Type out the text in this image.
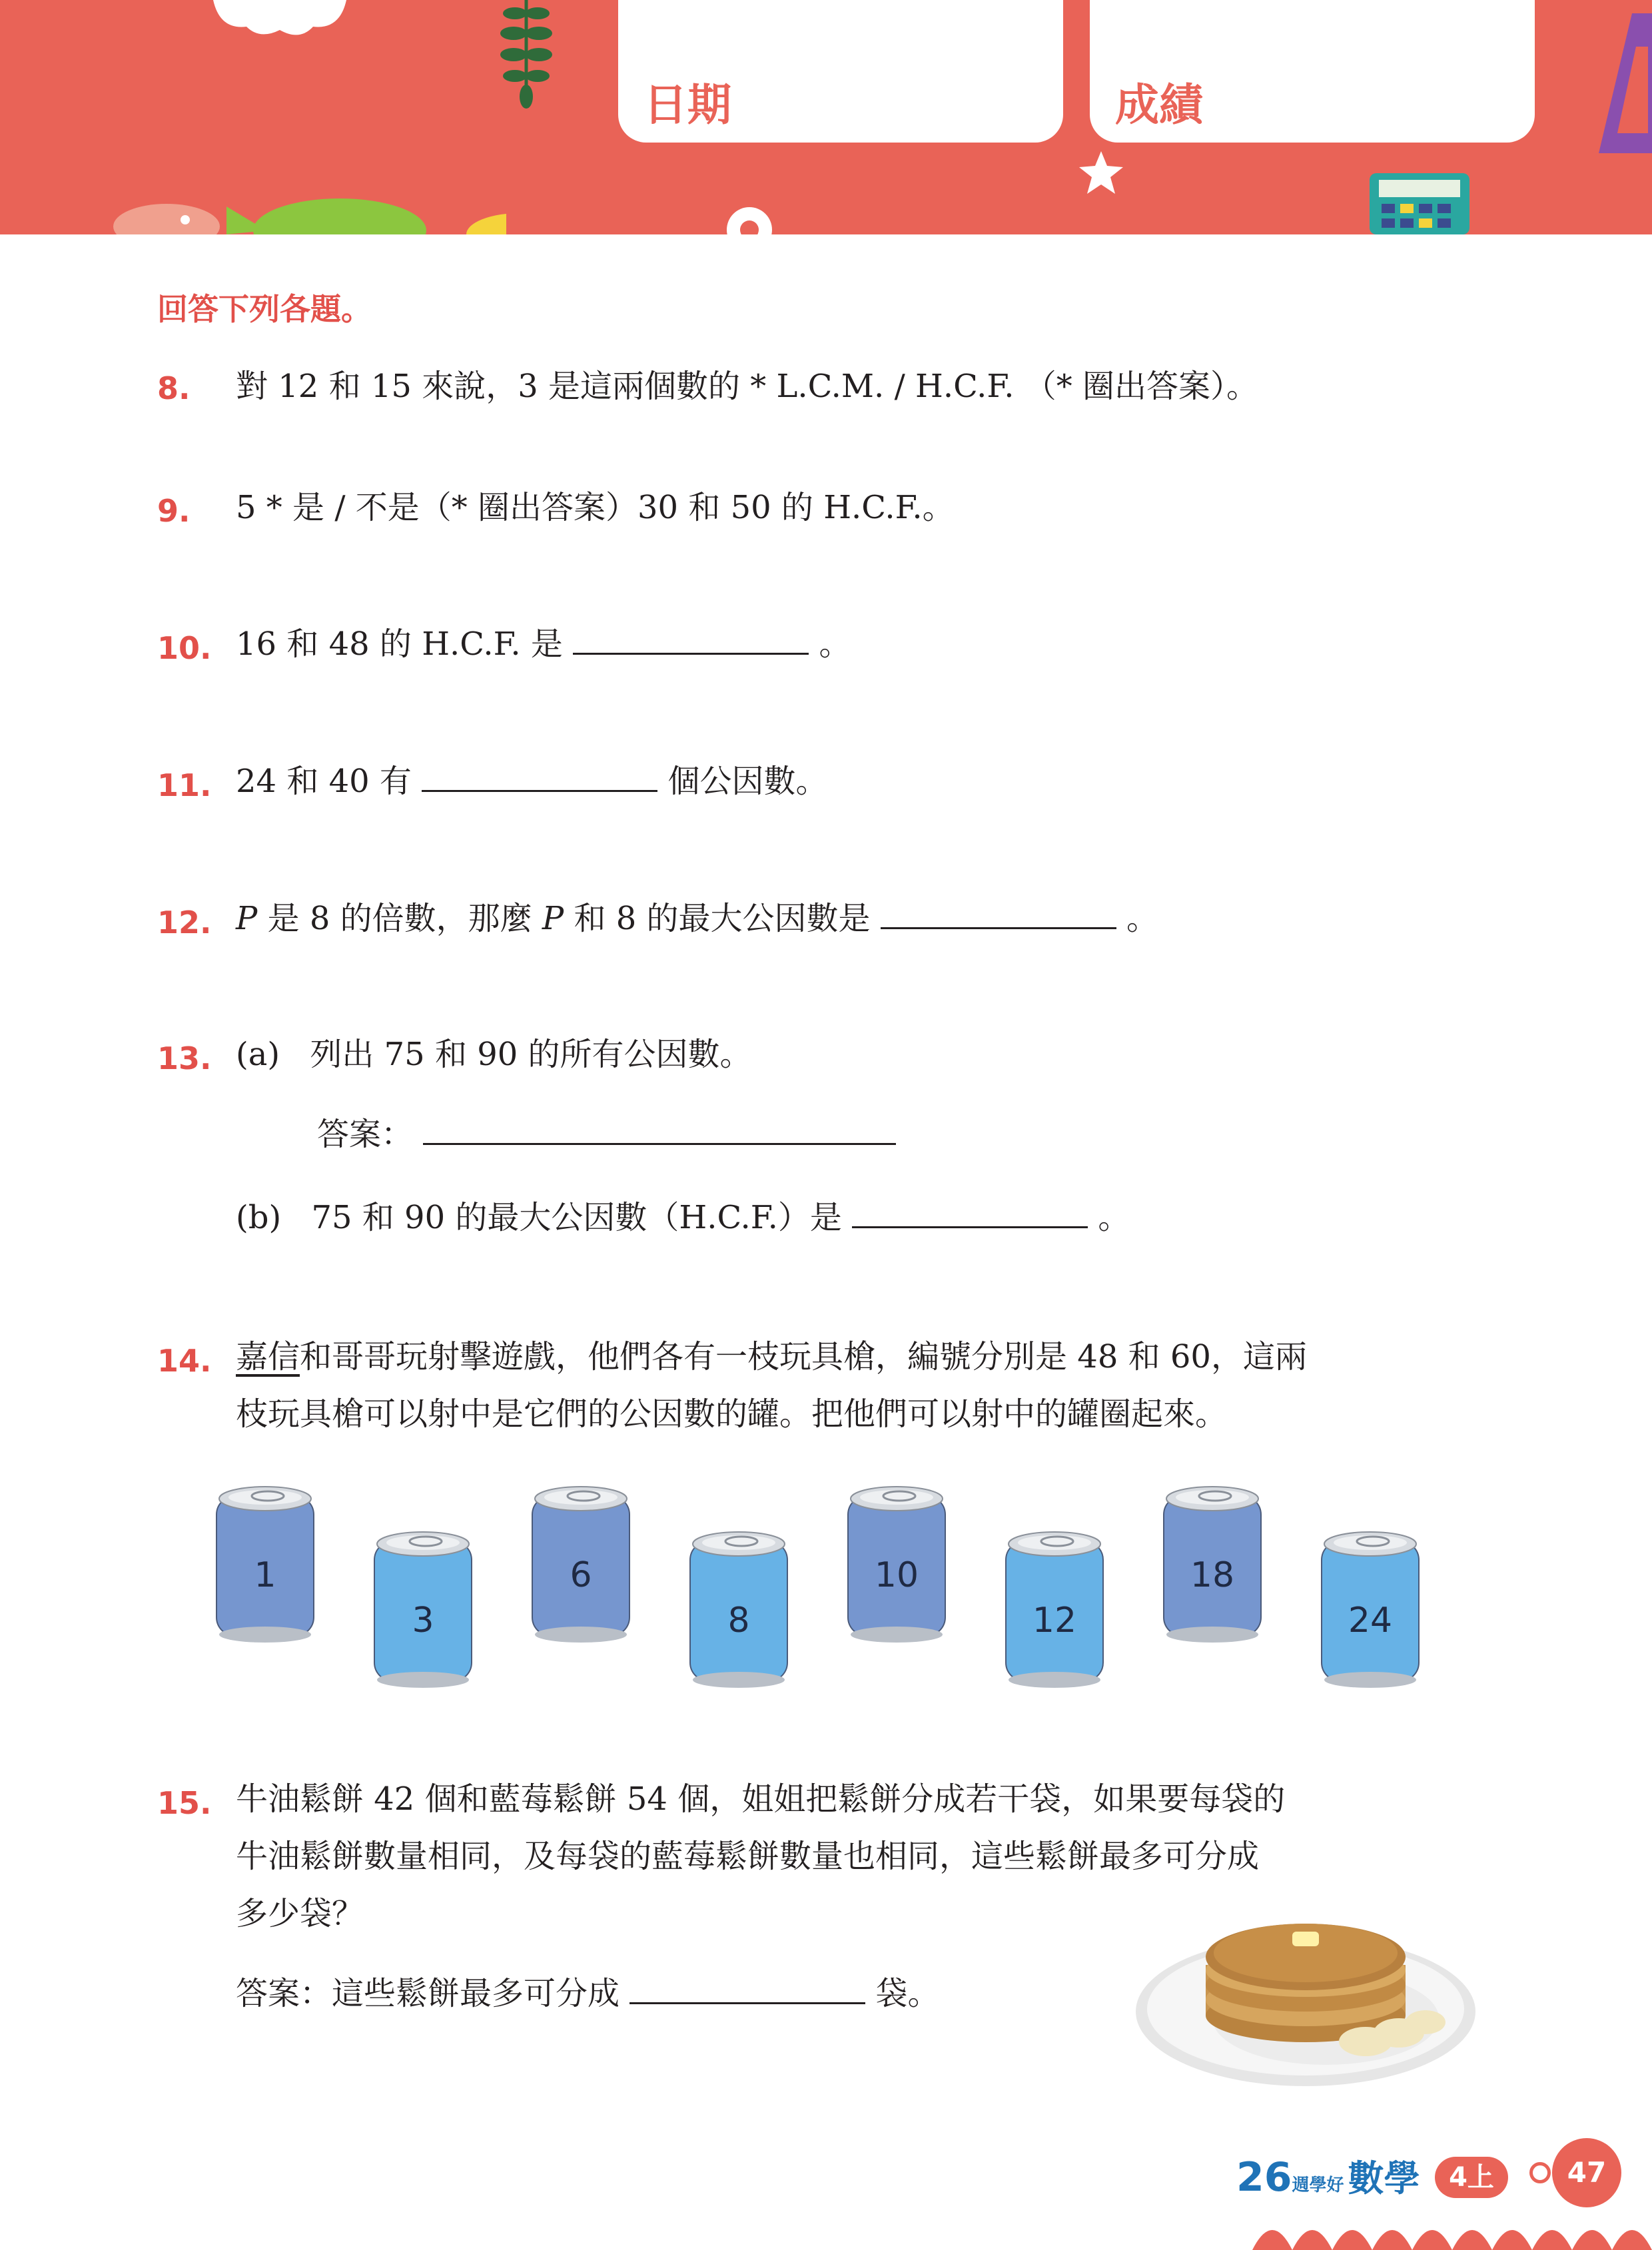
日期	成績
回答下列各題。
8. 對 12 和 15 來說，3 是這兩個數的 * L.C.M. / H.C.F. （* 圈出答案）。
9. 5 * 是 / 不是（* 圈出答案）30 和 50 的 H.C.F.。
10. 16 和 48 的 H.C.F. 是	。
11. 24 和 40 有	個公因數。
12. P 是 8 的倍數，那麼 P 和 8 的最大公因數是	。
13. (a) 列出 75 和 90 的所有公因數。
答案：
(b) 75 和 90 的最大公因數（H.C.F.）是	。
14. 嘉信和哥哥玩射擊遊戲，他們各有一枝玩具槍，編號分別是 48 和 60，這兩
枝玩具槍可以射中是它們的公因數的罐。把他們可以射中的罐圈起來。
1
3
6
8
10
12
18
24
15. 牛油鬆餅 42 個和藍莓鬆餅 54 個，姐姐把鬆餅分成若干袋，如果要每袋的
牛油鬆餅數量相同，及每袋的藍莓鬆餅數量也相同，這些鬆餅最多可分成
多少袋？
答案：這些鬆餅最多可分成	袋。
26週學好 數學	4上	47
